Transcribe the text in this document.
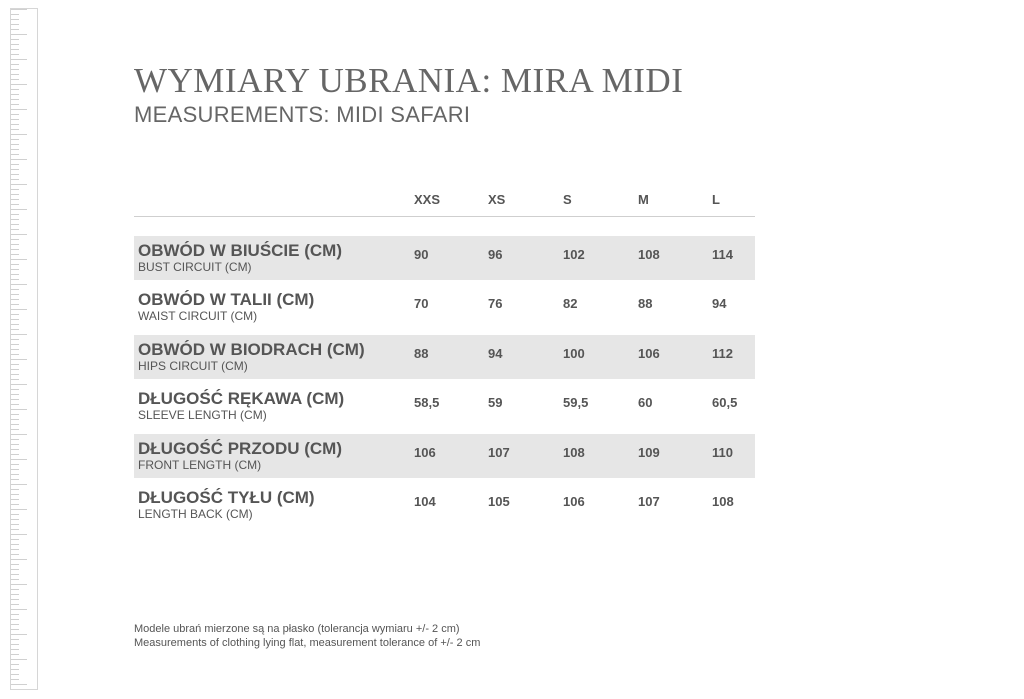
WYMIARY UBRANIA: MIRA MIDI
MEASUREMENTS: MIDI SAFARI
XXS	XS	S	M	L
OBWÓD W BIUŚCIE (CM)
BUST CIRCUIT (CM)
90	96	102	108	114
OBWÓD W TALII (CM)
WAIST CIRCUIT (CM)
70	76	82	88	94
OBWÓD W BIODRACH (CM)
HIPS CIRCUIT (CM)
88	94	100	106	112
DŁUGOŚĆ RĘKAWA (CM)
SLEEVE LENGTH (CM)
58,5	59	59,5	60	60,5
DŁUGOŚĆ PRZODU (CM)
FRONT LENGTH (CM)
106	107	108	109	110
DŁUGOŚĆ TYŁU (CM)
LENGTH BACK (CM)
104	105	106	107	108
Modele ubrań mierzone są na płasko (tolerancja wymiaru +/- 2 cm)
Measurements of clothing lying flat, measurement tolerance of +/- 2 cm
